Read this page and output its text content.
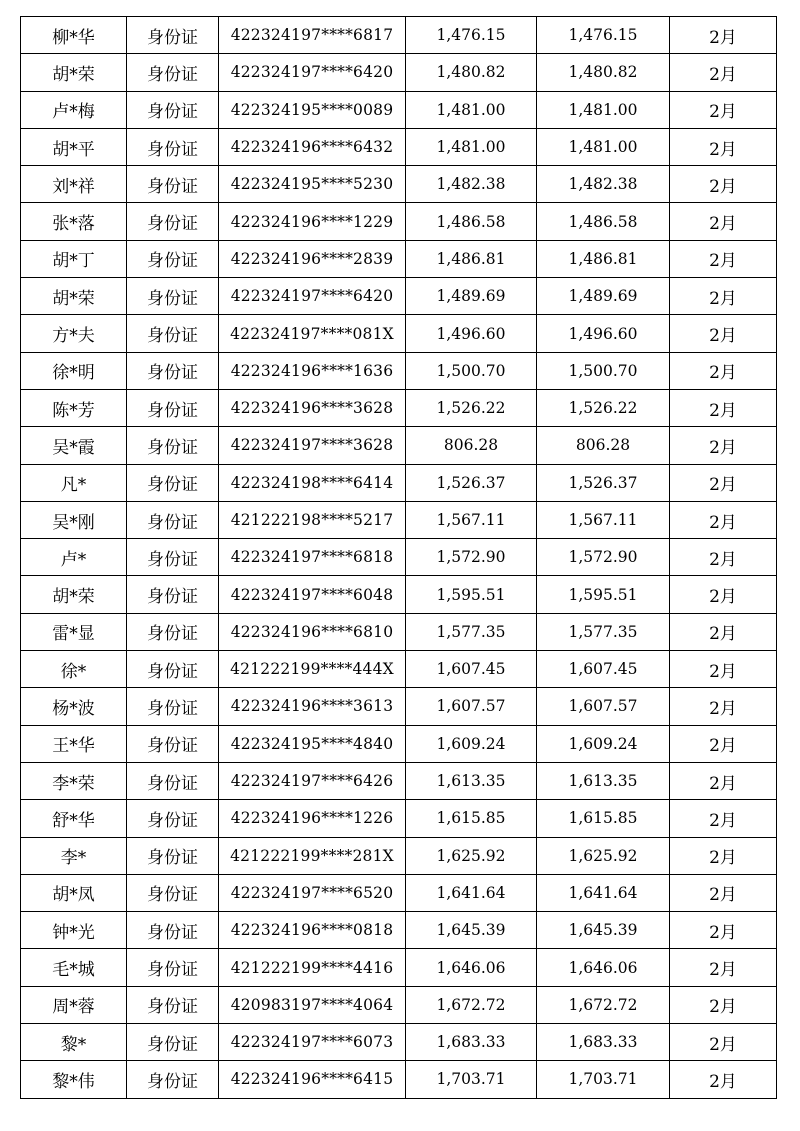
柳*华	身份证	422324197****6817	1,476.15	1,476.15	2月
胡*荣	身份证	422324197****6420	1,480.82	1,480.82	2月
卢*梅	身份证	422324195****0089	1,481.00	1,481.00	2月
胡*平	身份证	422324196****6432	1,481.00	1,481.00	2月
刘*祥	身份证	422324195****5230	1,482.38	1,482.38	2月
张*落	身份证	422324196****1229	1,486.58	1,486.58	2月
胡*丁	身份证	422324196****2839	1,486.81	1,486.81	2月
胡*荣	身份证	422324197****6420	1,489.69	1,489.69	2月
方*夫	身份证	422324197****081X	1,496.60	1,496.60	2月
徐*明	身份证	422324196****1636	1,500.70	1,500.70	2月
陈*芳	身份证	422324196****3628	1,526.22	1,526.22	2月
吴*霞	身份证	422324197****3628	806.28	806.28	2月
凡*	身份证	422324198****6414	1,526.37	1,526.37	2月
吴*刚	身份证	421222198****5217	1,567.11	1,567.11	2月
卢*	身份证	422324197****6818	1,572.90	1,572.90	2月
胡*荣	身份证	422324197****6048	1,595.51	1,595.51	2月
雷*显	身份证	422324196****6810	1,577.35	1,577.35	2月
徐*	身份证	421222199****444X	1,607.45	1,607.45	2月
杨*波	身份证	422324196****3613	1,607.57	1,607.57	2月
王*华	身份证	422324195****4840	1,609.24	1,609.24	2月
李*荣	身份证	422324197****6426	1,613.35	1,613.35	2月
舒*华	身份证	422324196****1226	1,615.85	1,615.85	2月
李*	身份证	421222199****281X	1,625.92	1,625.92	2月
胡*凤	身份证	422324197****6520	1,641.64	1,641.64	2月
钟*光	身份证	422324196****0818	1,645.39	1,645.39	2月
毛*城	身份证	421222199****4416	1,646.06	1,646.06	2月
周*蓉	身份证	420983197****4064	1,672.72	1,672.72	2月
黎*	身份证	422324197****6073	1,683.33	1,683.33	2月
黎*伟	身份证	422324196****6415	1,703.71	1,703.71	2月
